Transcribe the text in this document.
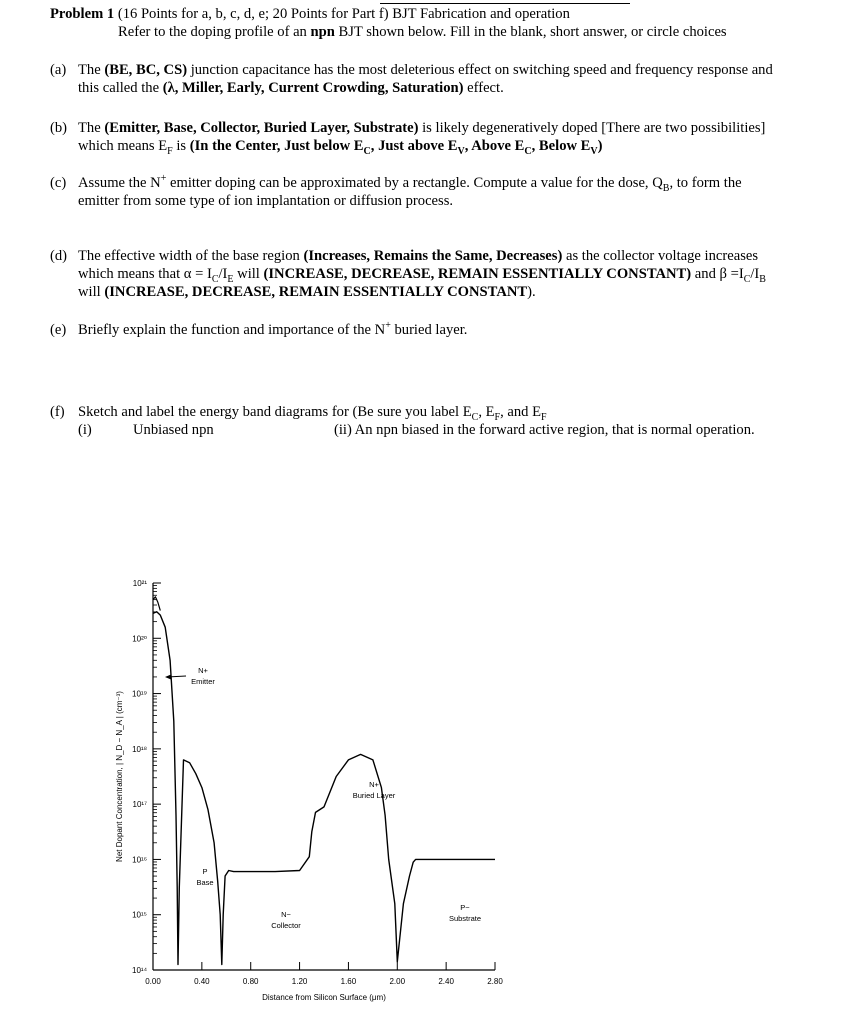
Problem 1 (16 Points for a, b, c, d, e; 20 Points for Part f) BJT Fabrication and operation
Refer to the doping profile of an npn BJT shown below. Fill in the blank, short answer, or circle choices
(a) The (BE, BC, CS) junction capacitance has the most deleterious effect on switching speed and frequency response and
this called the (λ, Miller, Early, Current Crowding, Saturation) effect.
(b) The (Emitter, Base, Collector, Buried Layer, Substrate) is likely degeneratively doped [There are two possibilities]
which means $E_F$ is (In the Center, Just below $E_C$, Just above $E_V$, Above $E_C$, Below $E_V$)
(c) Assume the N+ emitter doping can be approximated by a rectangle. Compute a value for the dose, $Q_B$, to form the
emitter from some type of ion implantation or diffusion process.
(d) The effective width of the base region (Increases, Remains the Same, Decreases) as the collector voltage increases
which means that $\alpha = I_C/I_E$ will (INCREASE, DECREASE, REMAIN ESSENTIALLY CONSTANT) and $\beta =I_C/I_B$
will (INCREASE, DECREASE, REMAIN ESSENTIALLY CONSTANT).
(e) Briefly explain the function and importance of the N+ buried layer.
(f) Sketch and label the energy band diagrams for (Be sure you label $E_C$, $E_F$, and $E_F$
(i)	Unbiased npn	(ii) An npn biased in the forward active region, that is normal operation.
10²¹
10²⁰
10¹⁹
10¹⁸
10¹⁷
10¹⁶
10¹⁵
10¹⁴
0.00	0.40	0.80	1.20	1.60	2.00	2.40	2.80
Distance from Silicon Surface (μm)
Net Dopant Concentration, | N_D − N_A | (cm⁻³)
N+
Emitter
P
Base
N−
Collector
N+
Buried Layer
P−
Substrate
